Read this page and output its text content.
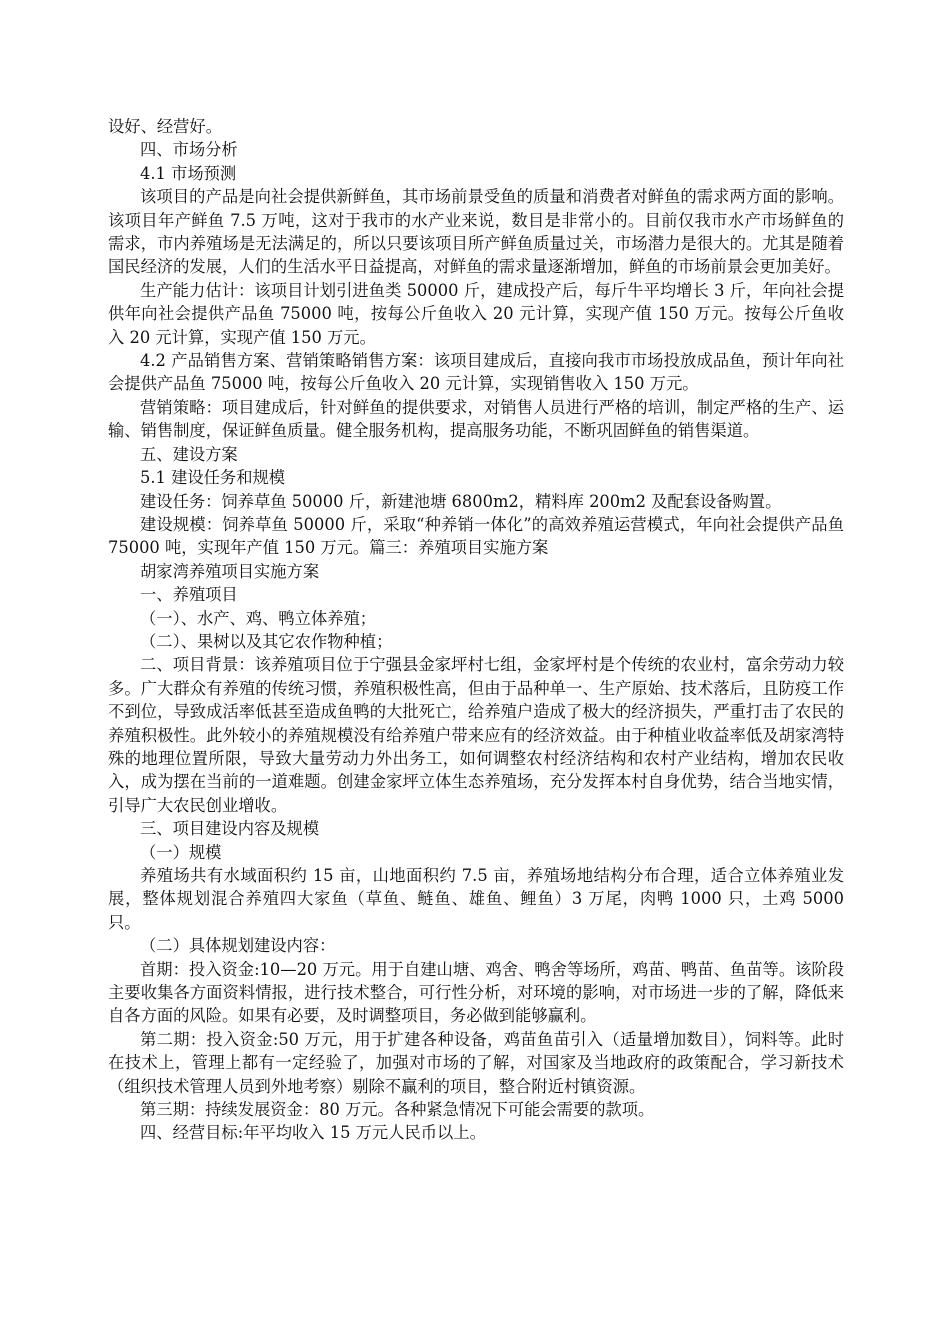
设好、经营好。

四、市场分析

4.1 市场预测

该项目的产品是向社会提供新鲜鱼，其市场前景受鱼的质量和消费者对鲜鱼的需求两方面的影响。该项目年产鲜鱼 7.5 万吨，这对于我市的水产业来说，数目是非常小的。目前仅我市水产市场鲜鱼的需求，市内养殖场是无法满足的，所以只要该项目所产鲜鱼质量过关，市场潜力是很大的。尤其是随着国民经济的发展，人们的生活水平日益提高，对鲜鱼的需求量逐渐增加，鲜鱼的市场前景会更加美好。

生产能力估计：该项目计划引进鱼类 50000 斤，建成投产后，每斤牛平均增长 3 斤，年向社会提供年向社会提供产品鱼 75000 吨，按每公斤鱼收入 20 元计算，实现产值 150 万元。按每公斤鱼收入 20 元计算，实现产值 150 万元。

4.2 产品销售方案、营销策略销售方案：该项目建成后，直接向我市市场投放成品鱼，预计年向社会提供产品鱼 75000 吨，按每公斤鱼收入 20 元计算，实现销售收入 150 万元。

营销策略：项目建成后，针对鲜鱼的提供要求，对销售人员进行严格的培训，制定严格的生产、运输、销售制度，保证鲜鱼质量。健全服务机构，提高服务功能，不断巩固鲜鱼的销售渠道。

五、建设方案

5.1 建设任务和规模

建设任务：饲养草鱼 50000 斤，新建池塘 6800m2，精料库 200m2 及配套设备购置。

建设规模：饲养草鱼 50000 斤，采取“种养销一体化”的高效养殖运营模式，年向社会提供产品鱼 75000 吨，实现年产值 150 万元。篇三：养殖项目实施方案

胡家湾养殖项目实施方案

一、养殖项目

（一）、水产、鸡、鸭立体养殖；

（二）、果树以及其它农作物种植；

二、项目背景：该养殖项目位于宁强县金家坪村七组，金家坪村是个传统的农业村，富余劳动力较多。广大群众有养殖的传统习惯，养殖积极性高，但由于品种单一、生产原始、技术落后，且防疫工作不到位，导致成活率低甚至造成鱼鸭的大批死亡，给养殖户造成了极大的经济损失，严重打击了农民的养殖积极性。此外较小的养殖规模没有给养殖户带来应有的经济效益。由于种植业收益率低及胡家湾特殊的地理位置所限，导致大量劳动力外出务工，如何调整农村经济结构和农村产业结构，增加农民收入，成为摆在当前的一道难题。创建金家坪立体生态养殖场，充分发挥本村自身优势，结合当地实情，引导广大农民创业增收。

三、项目建设内容及规模

（一）规模

养殖场共有水域面积约 15 亩，山地面积约 7.5 亩，养殖场地结构分布合理，适合立体养殖业发展，整体规划混合养殖四大家鱼（草鱼、鲢鱼、雄鱼、鲤鱼）3 万尾，肉鸭 1000 只，土鸡 5000 只。

（二）具体规划建设内容：

首期：投入资金:10—20 万元。用于自建山塘、鸡舍、鸭舍等场所，鸡苗、鸭苗、鱼苗等。该阶段主要收集各方面资料情报，进行技术整合，可行性分析，对环境的影响，对市场进一步的了解，降低来自各方面的风险。如果有必要，及时调整项目，务必做到能够赢利。

第二期：投入资金:50 万元，用于扩建各种设备，鸡苗鱼苗引入（适量增加数目），饲料等。此时在技术上，管理上都有一定经验了，加强对市场的了解，对国家及当地政府的政策配合，学习新技术（组织技术管理人员到外地考察）剔除不赢利的项目，整合附近村镇资源。

第三期：持续发展资金：80 万元。各种紧急情况下可能会需要的款项。

四、经营目标:年平均收入 15 万元人民币以上。
